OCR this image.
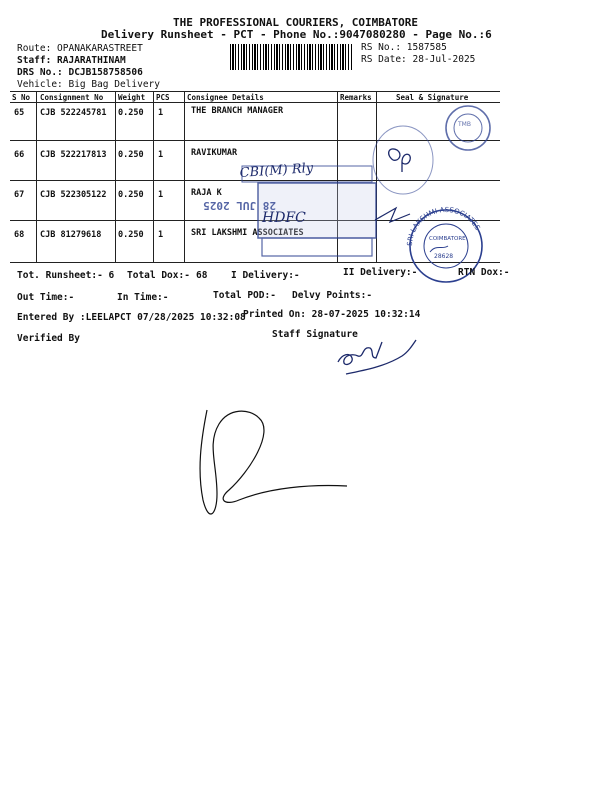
THE PROFESSIONAL COURIERS, COIMBATORE
Delivery Runsheet - PCT - Phone No.:9047080280 - Page No.:6
Route: OPANAKARASTREET
Staff: RAJARATHINAM
DRS No.: DCJB158758506
Vehicle: Big Bag Delivery
RS No.: 1587585
RS Date: 28-Jul-2025
S No Consignment No Weight PCS Consignee Details	Remarks	Seal & Signature
65 CJB 522245781 0.250 1	THE BRANCH MANAGER
66 CJB 522217813 0.250 1	RAVIKUMAR
67 CJB 522305122 0.250 1	RAJA K
68 CJB 81279618 0.250 1	SRI LAKSHMI ASSOCIATES
TMB
28 JUL 2025
CBI(M) Rly
HDFC
SRI LAKSHMI ASSOCIATES
COIMBATORE
28628
Tot. Runsheet:- 6 Total Dox:- 68 I Delivery:-	II Delivery:-	RTN Dox:-
Out Time:-	In Time:-	Total POD:- Delvy Points:-
Entered By :LEELAPCT 07/28/2025 10:32:08
Printed On: 28-07-2025 10:32:14
Verified By	Staff Signature
